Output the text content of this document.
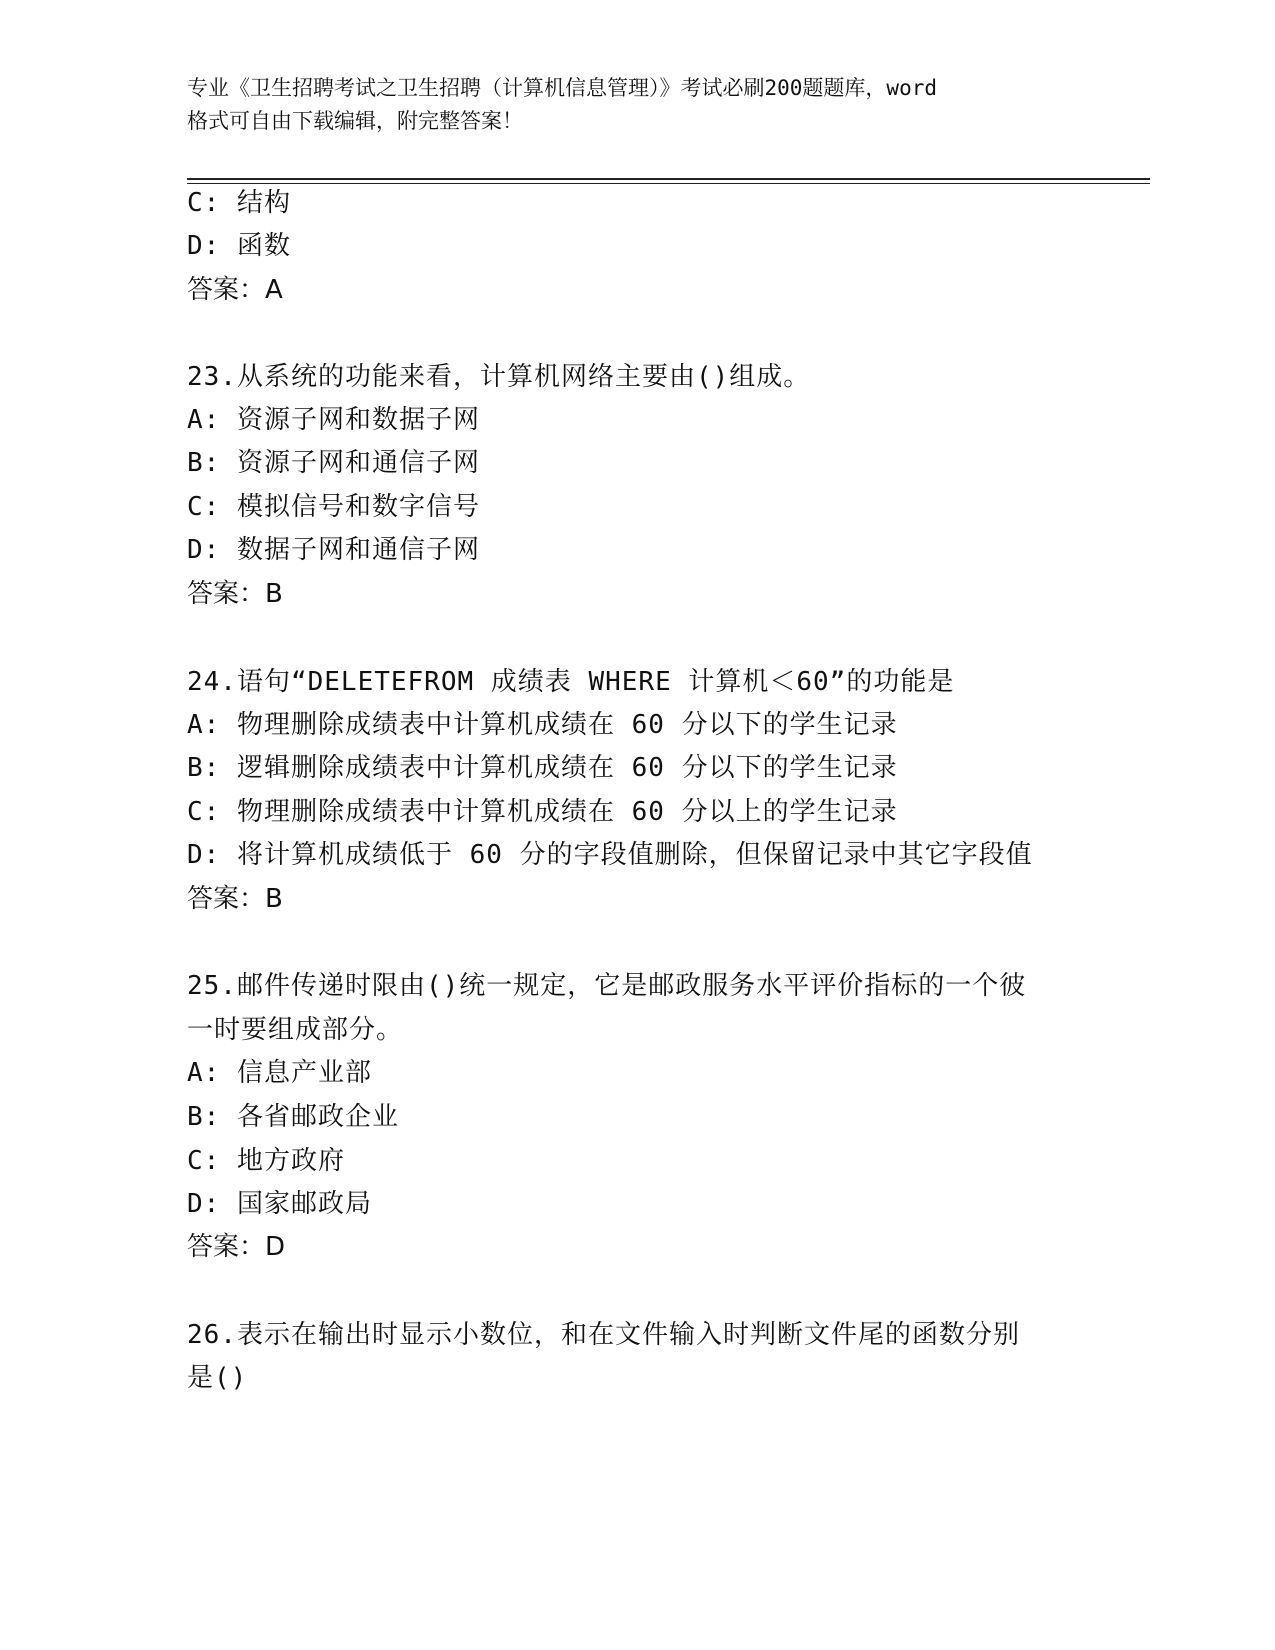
专业《卫生招聘考试之卫生招聘（计算机信息管理）》考试必刷200题题库，word
格式可自由下载编辑，附完整答案！
C: 结构
D: 函数
答案：A
23.从系统的功能来看，计算机网络主要由()组成。
A: 资源子网和数据子网
B: 资源子网和通信子网
C: 模拟信号和数字信号
D: 数据子网和通信子网
答案：B
24.语句“DELETEFROM 成绩表 WHERE 计算机＜60”的功能是
A: 物理删除成绩表中计算机成绩在 60 分以下的学生记录
B: 逻辑删除成绩表中计算机成绩在 60 分以下的学生记录
C: 物理删除成绩表中计算机成绩在 60 分以上的学生记录
D: 将计算机成绩低于 60 分的字段值删除，但保留记录中其它字段值
答案：B
25.邮件传递时限由()统一规定，它是邮政服务水平评价指标的一个彼
一时要组成部分。
A: 信息产业部
B: 各省邮政企业
C: 地方政府
D: 国家邮政局
答案：D
26.表示在输出时显示小数位，和在文件输入时判断文件尾的函数分别
是()
